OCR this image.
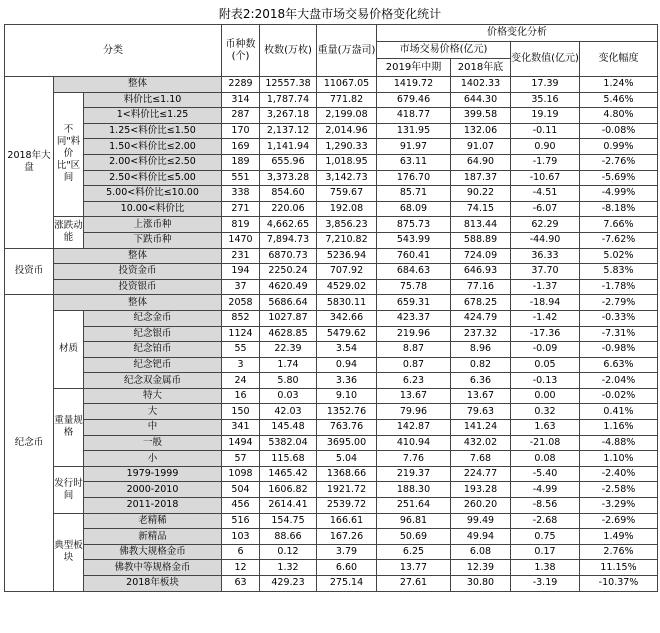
附表2:2018年大盘市场交易价格变化统计
分类			币种数(个)	枚数(万枚)	重量(万盎司)	价格变化分析			
						市场交易价格(亿元)		变化数值(亿元)	变化幅度
						2019年中期	2018年底		
2018年大盘	整体		2289	12557.38	11067.05	1419.72	1402.33	17.39	1.24%
	不同"料价比"区间	料价比≤1.10	314	1,787.74	771.82	679.46	644.30	35.16	5.46%
		1<料价比≤1.25	287	3,267.18	2,199.08	418.77	399.58	19.19	4.80%
		1.25<料价比≤1.50	170	2,137.12	2,014.96	131.95	132.06	-0.11	-0.08%
		1.50<料价比≤2.00	169	1,141.94	1,290.33	91.97	91.07	0.90	0.99%
		2.00<料价比≤2.50	189	655.96	1,018.95	63.11	64.90	-1.79	-2.76%
		2.50<料价比≤5.00	551	3,373.28	3,142.73	176.70	187.37	-10.67	-5.69%
		5.00<料价比≤10.00	338	854.60	759.67	85.71	90.22	-4.51	-4.99%
		10.00<料价比	271	220.06	192.08	68.09	74.15	-6.07	-8.18%
	涨跌动能	上涨币种	819	4,662.65	3,856.23	875.73	813.44	62.29	7.66%
		下跌币种	1470	7,894.73	7,210.82	543.99	588.89	-44.90	-7.62%
投资币	整体		231	6870.73	5236.94	760.41	724.09	36.33	5.02%
	投资金币		194	2250.24	707.92	684.63	646.93	37.70	5.83%
	投资银币		37	4620.49	4529.02	75.78	77.16	-1.37	-1.78%
纪念币	整体		2058	5686.64	5830.11	659.31	678.25	-18.94	-2.79%
	材质	纪念金币	852	1027.87	342.66	423.37	424.79	-1.42	-0.33%
		纪念银币	1124	4628.85	5479.62	219.96	237.32	-17.36	-7.31%
		纪念铂币	55	22.39	3.54	8.87	8.96	-0.09	-0.98%
		纪念钯币	3	1.74	0.94	0.87	0.82	0.05	6.63%
		纪念双金属币	24	5.80	3.36	6.23	6.36	-0.13	-2.04%
	重量规格	特大	16	0.03	9.10	13.67	13.67	0.00	-0.02%
		大	150	42.03	1352.76	79.96	79.63	0.32	0.41%
		中	341	145.48	763.76	142.87	141.24	1.63	1.16%
		一般	1494	5382.04	3695.00	410.94	432.02	-21.08	-4.88%
		小	57	115.68	5.04	7.76	7.68	0.08	1.10%
	发行时间	1979-1999	1098	1465.42	1368.66	219.37	224.77	-5.40	-2.40%
		2000-2010	504	1606.82	1921.72	188.30	193.28	-4.99	-2.58%
		2011-2018	456	2614.41	2539.72	251.64	260.20	-8.56	-3.29%
	典型板块	老精稀	516	154.75	166.61	96.81	99.49	-2.68	-2.69%
		新精品	103	88.66	167.26	50.69	49.94	0.75	1.49%
		佛教大规格金币	6	0.12	3.79	6.25	6.08	0.17	2.76%
		佛教中等规格金币	12	1.32	6.60	13.77	12.39	1.38	11.15%
		2018年板块	63	429.23	275.14	27.61	30.80	-3.19	-10.37%
